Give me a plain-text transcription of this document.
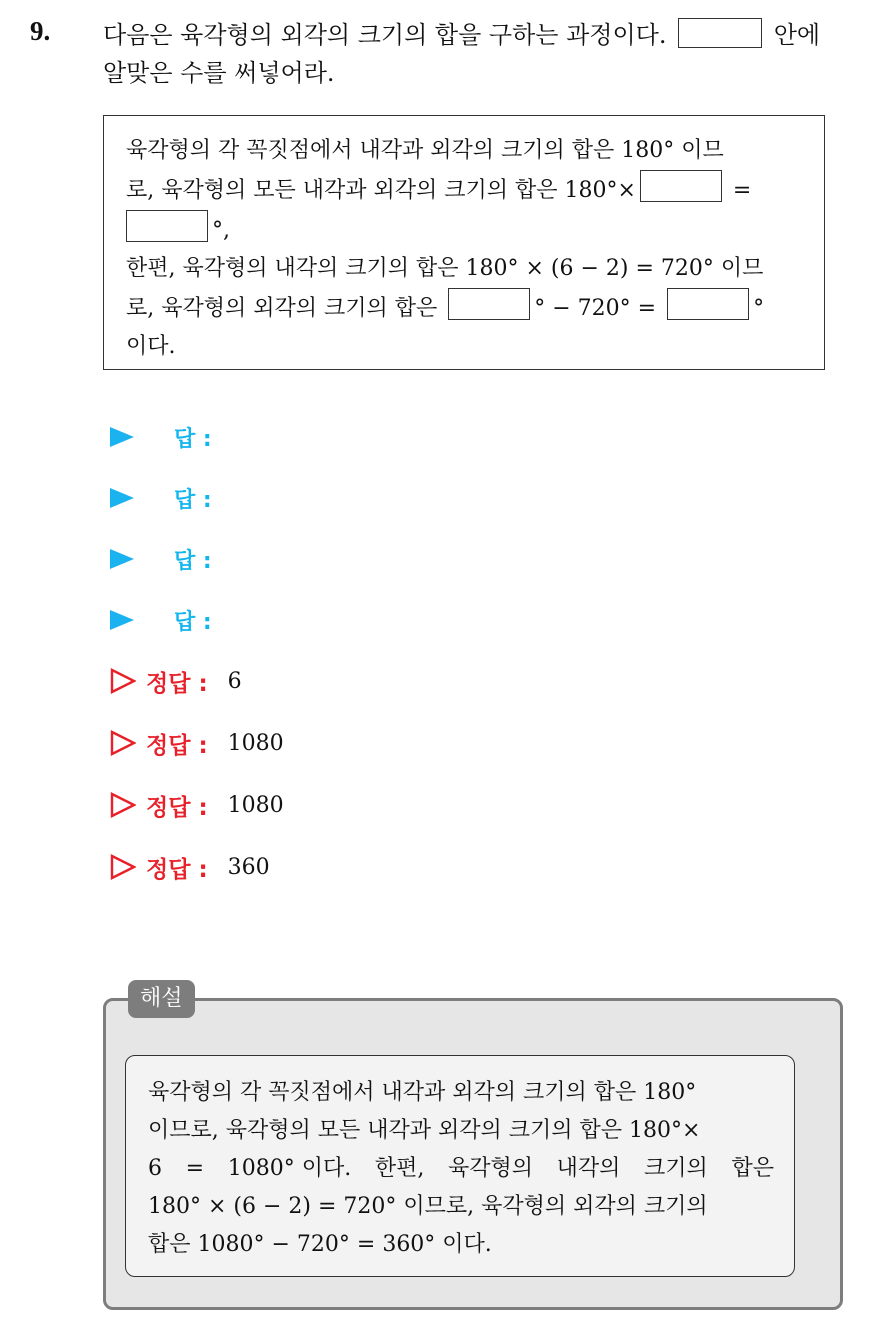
9. 다음은 육각형의 외각의 크기의 합을 구하는 과정이다.	안에
알맞은 수를 써넣어라.
육각형의 각 꼭짓점에서 내각과 외각의 크기의 합은 180° 이므
로, 육각형의 모든 내각과 외각의 크기의 합은 180°×	=
°,
한편, 육각형의 내각의 크기의 합은 180° × (6 − 2) = 720° 이므
로, 육각형의 외각의 크기의 합은	° − 720° =	°
이다.
답 :
답 :
답 :
답 :
정답 : 6
정답 : 1080
정답 : 1080
정답 : 360
해설
육각형의 각 꼭짓점에서 내각과 외각의 크기의 합은 180°
이므로, 육각형의 모든 내각과 외각의 크기의 합은 180°×
6 = 1080° 이다. 한편, 육각형의 내각의 크기의 합은
180° × (6 − 2) = 720° 이므로, 육각형의 외각의 크기의
합은 1080° − 720° = 360° 이다.
